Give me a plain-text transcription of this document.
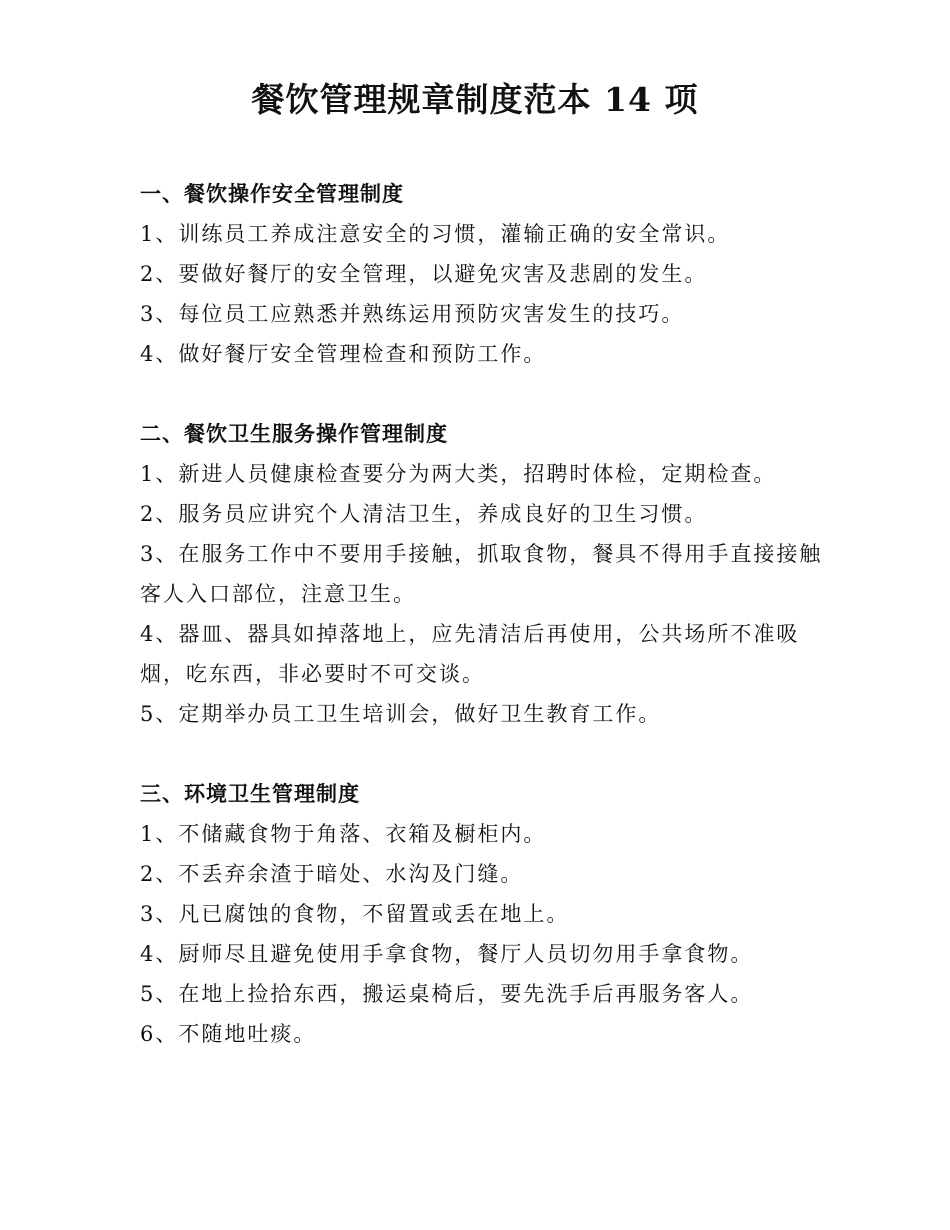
餐饮管理规章制度范本 14 项
一、餐饮操作安全管理制度

1、训练员工养成注意安全的习惯，灌输正确的安全常识。

2、要做好餐厅的安全管理，以避免灾害及悲剧的发生。

3、每位员工应熟悉并熟练运用预防灾害发生的技巧。

4、做好餐厅安全管理检查和预防工作。

二、餐饮卫生服务操作管理制度

1、新进人员健康检查要分为两大类，招聘时体检，定期检查。

2、服务员应讲究个人清洁卫生，养成良好的卫生习惯。

3、在服务工作中不要用手接触，抓取食物，餐具不得用手直接接触客人入口部位，注意卫生。

4、器皿、器具如掉落地上，应先清洁后再使用，公共场所不准吸烟，吃东西，非必要时不可交谈。

5、定期举办员工卫生培训会，做好卫生教育工作。

三、环境卫生管理制度

1、不储藏食物于角落、衣箱及橱柜内。

2、不丢弃余渣于暗处、水沟及门缝。

3、凡已腐蚀的食物，不留置或丢在地上。

4、厨师尽且避免使用手拿食物，餐厅人员切勿用手拿食物。

5、在地上捡拾东西，搬运桌椅后，要先洗手后再服务客人。

6、不随地吐痰。
